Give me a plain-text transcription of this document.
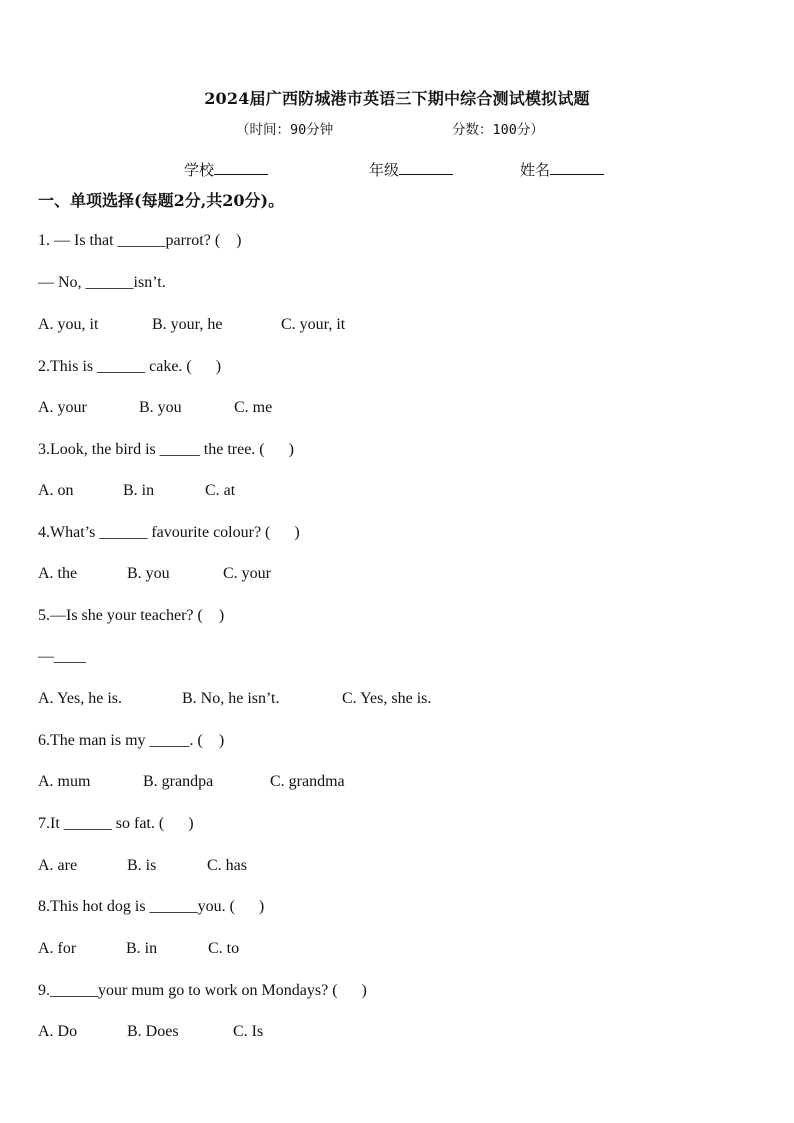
2024届广西防城港市英语三下期中综合测试模拟试题
（时间：90分钟	分数：100分）
学校	年级	姓名
一、单项选择(每题2分,共20分)。
1. — Is that ______parrot? (    )
— No, ______isn’t.
A. you, it	B. your, he	C. your, it
2.This is ______ cake. (      )
A. your	B. you	C. me
3.Look, the bird is _____ the tree. (      )
A. on	B. in	C. at
4.What’s ______ favourite colour? (      )
A. the	B. you	C. your
5.—Is she your teacher? (    )
—____
A. Yes, he is.	B. No, he isn’t.	C. Yes, she is.
6.The man is my _____. (    )
A. mum	B. grandpa	C. grandma
7.It ______ so fat. (      )
A. are	B. is	C. has
8.This hot dog is ______you. (      )
A. for	B. in	C. to
9.______your mum go to work on Mondays? (      )
A. Do	B. Does	C. Is
